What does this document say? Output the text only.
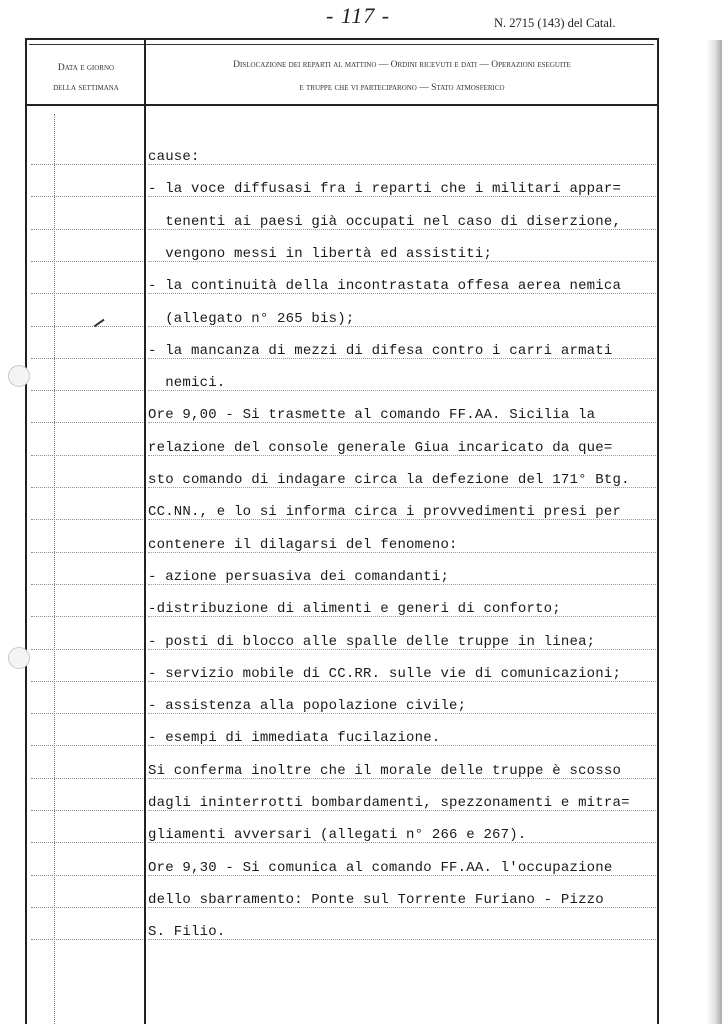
- 117 -	N. 2715 (143) del Catal.
Data e giorno
della settimana
Dislocazione dei reparti al mattino — Ordini ricevuti e dati — Operazioni eseguite
e truppe che vi parteciparono — Stato atmosferico
cause:
- la voce diffusasi fra i reparti che i militari appar=
tenenti ai paesi già occupati nel caso di diserzione,
vengono messi in libertà ed assistiti;
- la continuità della incontrastata offesa aerea nemica
(allegato n° 265 bis);
- la mancanza di mezzi di difesa contro i carri armati
nemici.
Ore 9,00 - Si trasmette al comando FF.AA. Sicilia la
relazione del console generale Giua incaricato da que=
sto comando di indagare circa la defezione del 171° Btg.
CC.NN., e lo si informa circa i provvedimenti presi per
contenere il dilagarsi del fenomeno:
- azione persuasiva dei comandanti;
-distribuzione di alimenti e generi di conforto;
- posti di blocco alle spalle delle truppe in linea;
- servizio mobile di CC.RR. sulle vie di comunicazioni;
- assistenza alla popolazione civile;
- esempi di immediata fucilazione.
Si conferma inoltre che il morale delle truppe è scosso
dagli ininterrotti bombardamenti, spezzonamenti e mitra=
gliamenti avversari (allegati n° 266 e 267).
Ore 9,30 - Si comunica al comando FF.AA. l'occupazione
dello sbarramento: Ponte sul Torrente Furiano - Pizzo
S. Filio.
